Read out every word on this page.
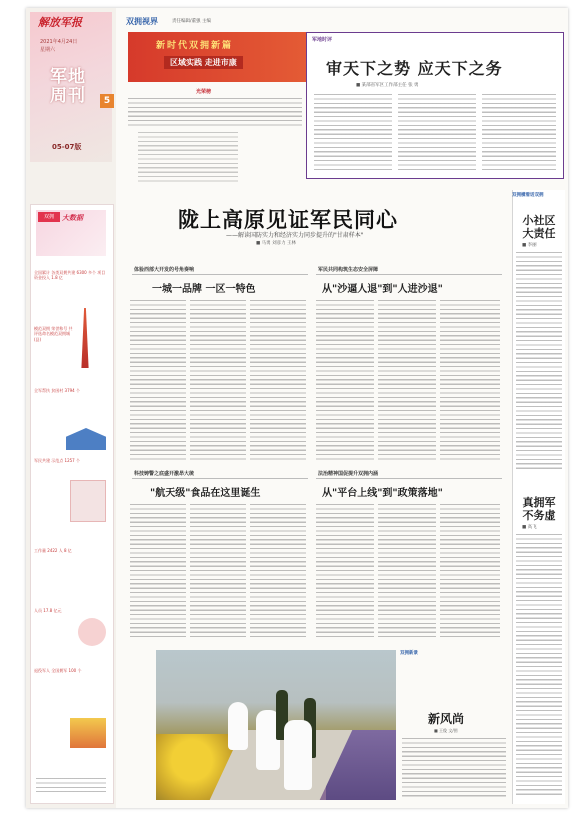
解放军报
2021年4月24日
星期六
军地
周刊	5
05-07版
双拥	大数据
全国累计 各类双拥共建 6300 多个 项目资金投入 1.8 亿
模范双拥 荣誉称号 共评选命名模范双拥城(县)
全军帮扶 贫困村 3794 个
军民共建 示范点 1257 个
工作量 2422 人 8 亿
人员 17.8 亿元
退役军人 全国拥军 100 个
双拥视界	责任编辑/董强 主编
新时代双拥新篇
区域实践 走进市康
光荣榜
军地时评
审天下之势 应天下之务
■ 某部省军区工作部主任 张 勇
陇上高原见证军民同心
——解读国防实力和经济实力同步提升的"甘肃样本"
■ 马勇 刘彦力 王林
体验西部大开发的号角奏响
一城一品牌 一区一特色
军民共同构筑生态安全屏障
从"沙逼人退"到"人进沙退"
科技铸警之底盛开激昂大统
"航天级"食品在这里诞生
法治精神国促提升双拥内涵
从"平台上线"到"政策落地"
双拥横看话双拥
小社区 大责任
■ 李丽
真拥军 不务虚
■ 高飞
双拥新景
新风尚
■ 王俊 文/图
